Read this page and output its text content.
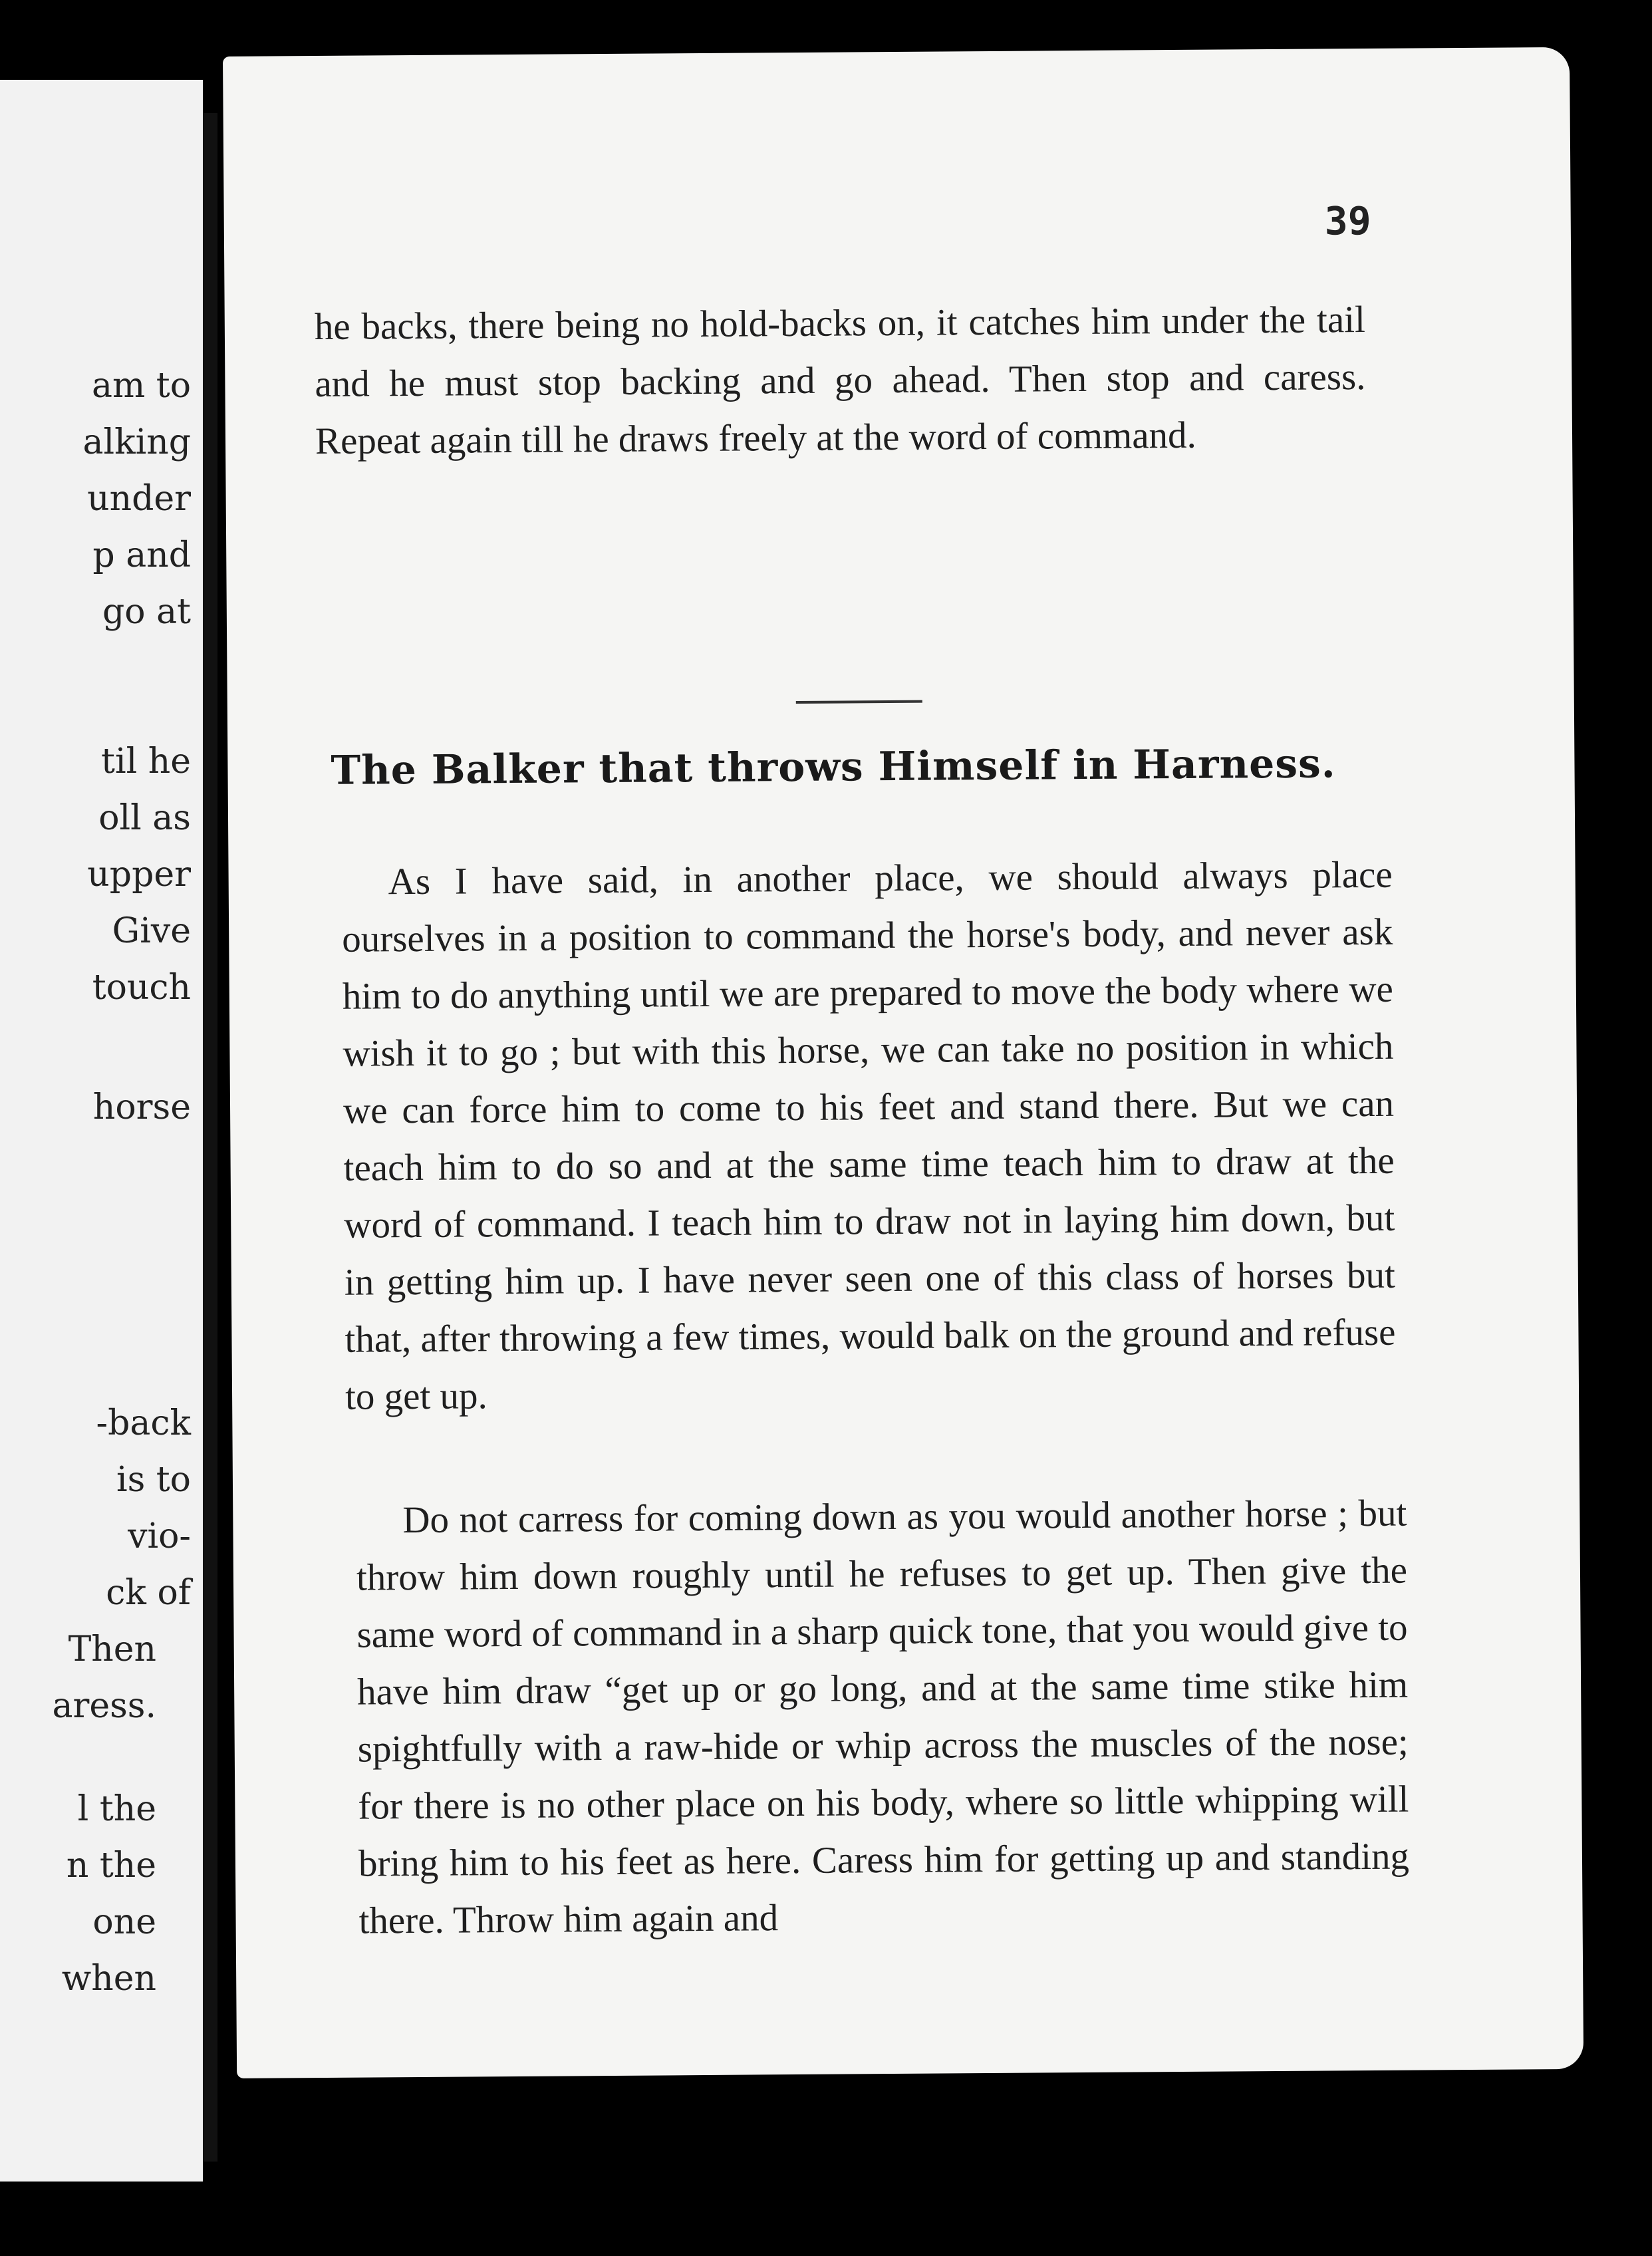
am to
alking
under
p and
go at
til he
oll as
upper
Give
touch
horse
-back
is to
vio-
ck of
Then
aress.
l the
n the
one
when
39

he backs, there being no hold-backs on, it catches him under the tail and he must stop backing and go ahead. Then stop and caress. Repeat again till he draws freely at the word of command.

The Balker that throws Himself in Harness.

As I have said, in another place, we should always place ourselves in a position to command the horse's body, and never ask him to do anything until we are prepared to move the body where we wish it to go ; but with this horse, we can take no position in which we can force him to come to his feet and stand there. But we can teach him to do so and at the same time teach him to draw at the word of command. I teach him to draw not in laying him down, but in getting him up. I have never seen one of this class of horses but that, after throwing a few times, would balk on the ground and refuse to get up.

Do not carress for coming down as you would another horse ; but throw him down roughly until he refuses to get up. Then give the same word of command in a sharp quick tone, that you would give to have him draw “get up or go long, and at the same time stike him spightfully with a raw-hide or whip across the muscles of the nose; for there is no other place on his body, where so little whipping will bring him to his feet as here. Caress him for getting up and standing there. Throw him again and
